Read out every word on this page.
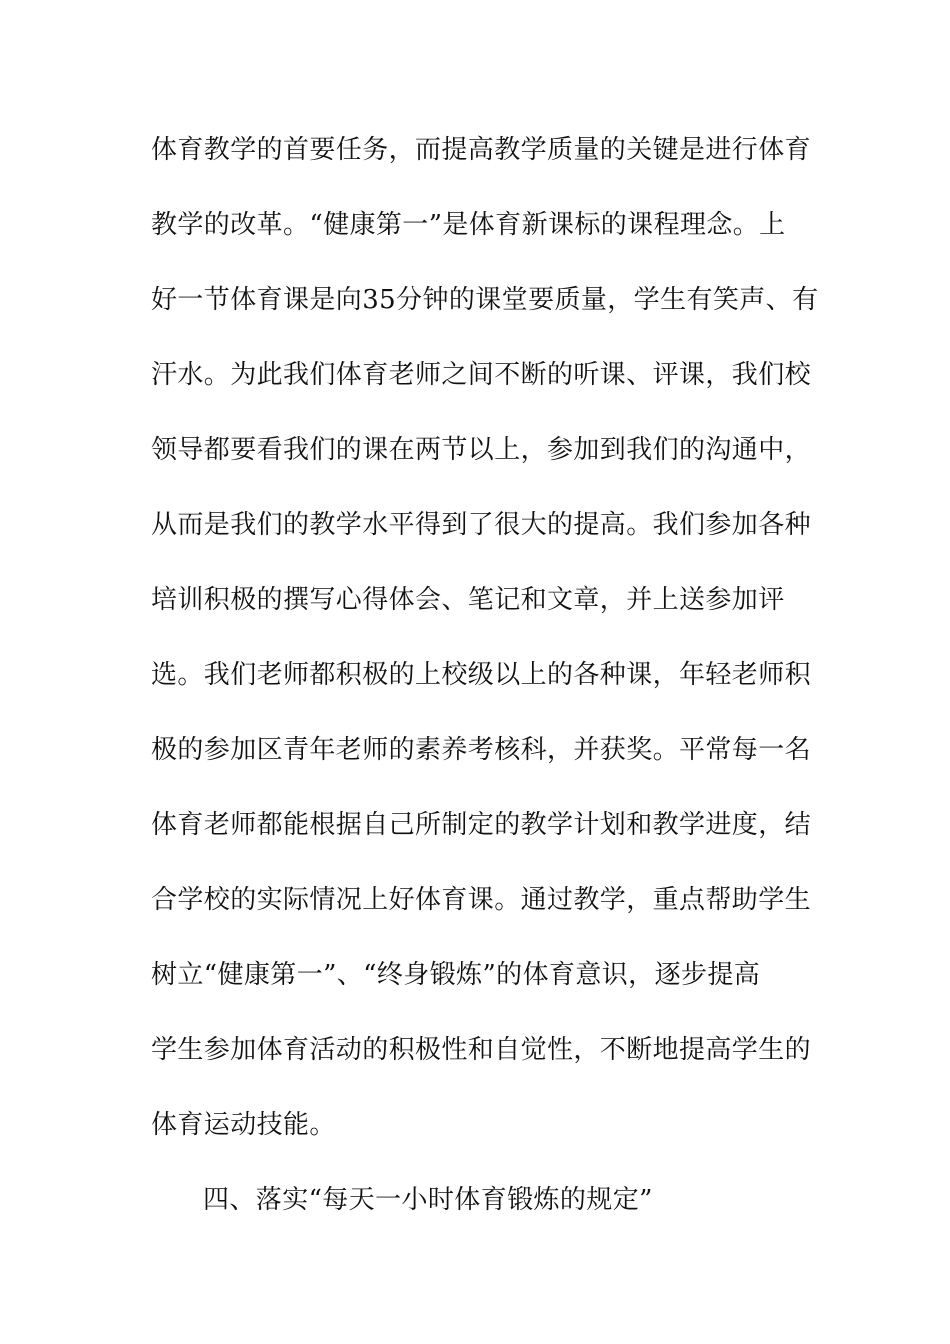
体育教学的首要任务，而提高教学质量的关键是进行体育
教学的改革。“健康第一”是体育新课标的课程理念。上
好一节体育课是向35分钟的课堂要质量，学生有笑声、有
汗水。为此我们体育老师之间不断的听课、评课，我们校
领导都要看我们的课在两节以上，参加到我们的沟通中，
从而是我们的教学水平得到了很大的提高。我们参加各种
培训积极的撰写心得体会、笔记和文章，并上送参加评
选。我们老师都积极的上校级以上的各种课，年轻老师积
极的参加区青年老师的素养考核科，并获奖。平常每一名
体育老师都能根据自己所制定的教学计划和教学进度，结
合学校的实际情况上好体育课。通过教学，重点帮助学生
树立“健康第一”、“终身锻炼”的体育意识，逐步提高
学生参加体育活动的积极性和自觉性，不断地提高学生的
体育运动技能。
四、落实“每天一小时体育锻炼的规定”
